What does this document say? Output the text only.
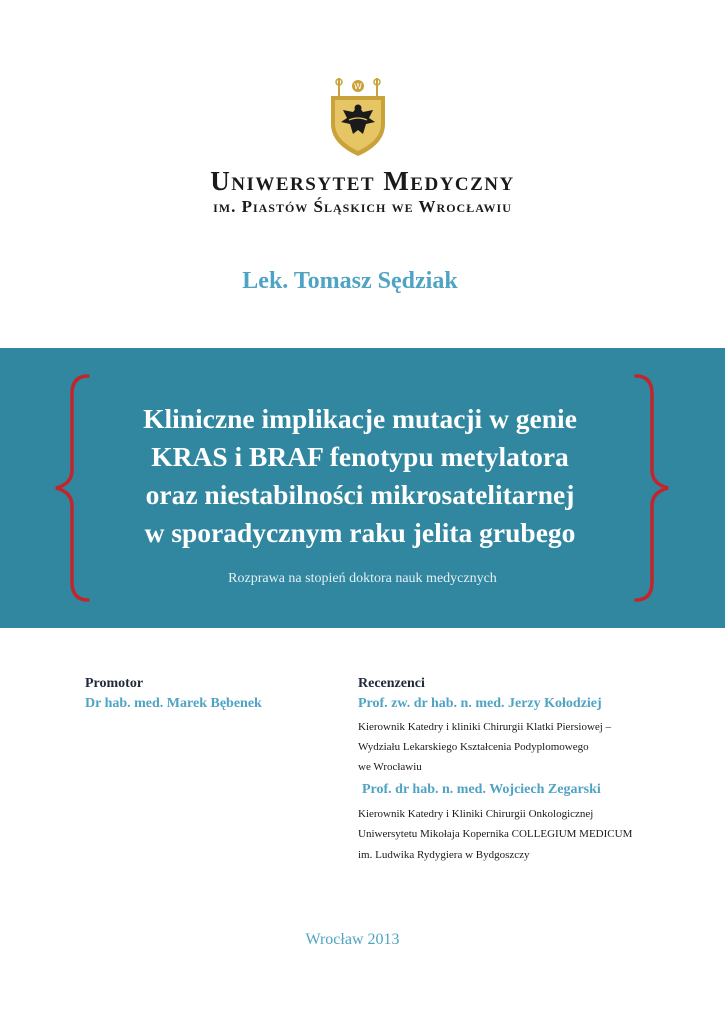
W
Uniwersytet Medyczny
im. Piastów Śląskich we Wrocławiu
Lek. Tomasz Sędziak
Kliniczne implikacje mutacji w genie
KRAS i BRAF fenotypu metylatora
oraz niestabilności mikrosatelitarnej
w sporadycznym raku jelita grubego
Rozprawa na stopień doktora nauk medycznych
Promotor
Dr hab. med. Marek Bębenek
Recenzenci
Prof. zw. dr hab. n. med. Jerzy Kołodziej
Kierownik Katedry i kliniki Chirurgii Klatki Piersiowej –
Wydziału Lekarskiego Kształcenia Podyplomowego
we Wrocławiu
Prof. dr hab. n. med. Wojciech Zegarski
Kierownik Katedry i Kliniki Chirurgii Onkologicznej
Uniwersytetu Mikołaja Kopernika COLLEGIUM MEDICUM
im. Ludwika Rydygiera w Bydgoszczy
Wrocław 2013
